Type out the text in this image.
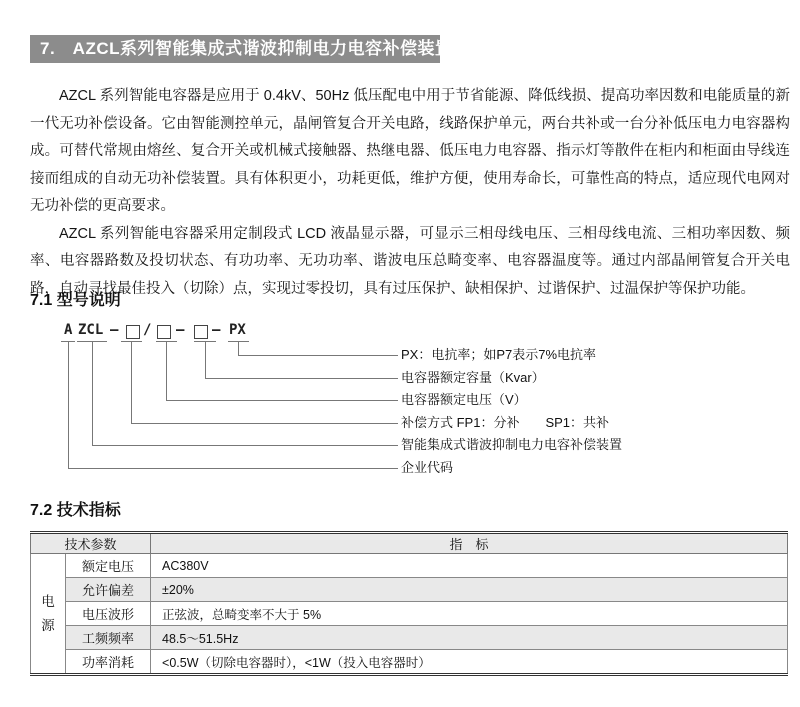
7.　AZCL系列智能集成式谐波抑制电力电容补偿装置

AZCL 系列智能电容器是应用于 0.4kV、50Hz 低压配电中用于节省能源、降低线损、提高功率因数和电能质量的新一代无功补偿设备。它由智能测控单元，晶闸管复合开关电路，线路保护单元，两台共补或一台分补低压电力电容器构成。可替代常规由熔丝、复合开关或机械式接触器、热继电器、低压电力电容器、指示灯等散件在柜内和柜面由导线连接而组成的自动无功补偿装置。具有体积更小，功耗更低，维护方便，使用寿命长，可靠性高的特点，适应现代电网对无功补偿的更高要求。

AZCL 系列智能电容器采用定制段式 LCD 液晶显示器，可显示三相母线电压、三相母线电流、三相功率因数、频率、电容器路数及投切状态、有功功率、无功功率、谐波电压总畸变率、电容器温度等。通过内部晶闸管复合开关电路，自动寻找最佳投入（切除）点，实现过零投切，具有过压保护、缺相保护、过谐保护、过温保护等保护功能。

7.1 型号说明
A ZCL — / — — PX
PX：电抗率；如P7表示7%电抗率
电容器额定容量（Kvar）
电容器额定电压（V）
补偿方式 FP1：分补　　SP1：共补
智能集成式谐波抑制电力电容补偿装置
企业代码
7.2 技术指标
技术参数		指　标
电源	额定电压	AC380V
	允许偏差	±20%
	电压波形	正弦波，总畸变率不大于 5%
	工频频率	48.5～51.5Hz
	功率消耗	<0.5W（切除电容器时），<1W（投入电容器时）
